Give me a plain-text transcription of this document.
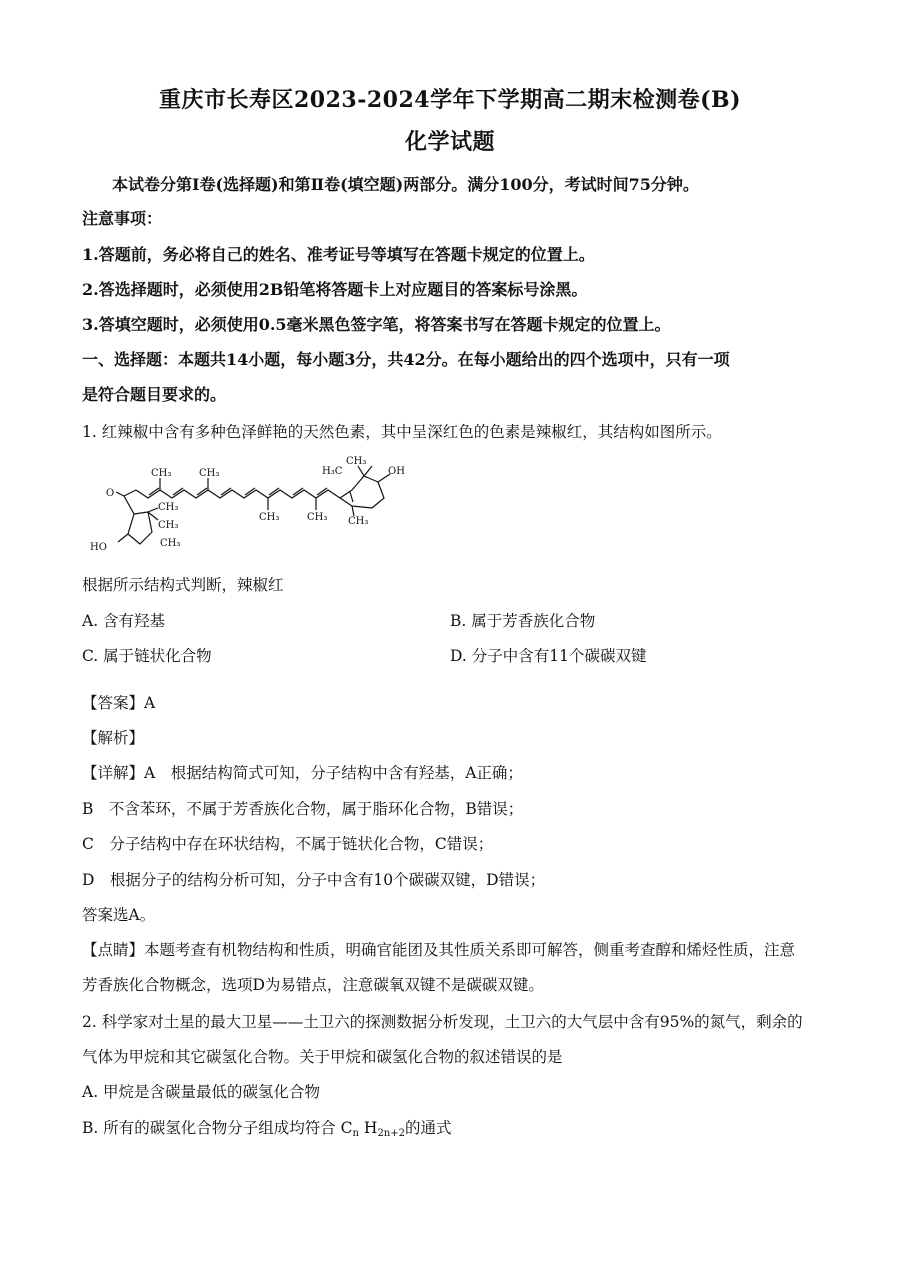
重庆市长寿区2023-2024学年下学期高二期末检测卷(B)
化学试题
本试卷分第Ⅰ卷(选择题)和第Ⅱ卷(填空题)两部分。满分100分，考试时间75分钟。
注意事项：
1.答题前，务必将自己的姓名、准考证号等填写在答题卡规定的位置上。
2.答选择题时，必须使用2B铅笔将答题卡上对应题目的答案标号涂黑。
3.答填空题时，必须使用0.5毫米黑色签字笔，将答案书写在答题卡规定的位置上。
一、选择题：本题共14小题，每小题3分，共42分。在每小题给出的四个选项中，只有一项
是符合题目要求的。
1. 红辣椒中含有多种色泽鲜艳的天然色素，其中呈深红色的色素是辣椒红，其结构如图所示。
O
CH₃	CH₃
CH₃	CH₃
CH₃
CH₃
CH₃
HO
H₃C
CH₃
OH
CH₃
根据所示结构式判断，辣椒红
A. 含有羟基	B. 属于芳香族化合物
C. 属于链状化合物	D. 分子中含有11个碳碳双键
【答案】A
【解析】
【详解】A　根据结构简式可知，分子结构中含有羟基，A正确；
B　不含苯环，不属于芳香族化合物，属于脂环化合物，B错误；
C　分子结构中存在环状结构，不属于链状化合物，C错误；
D　根据分子的结构分析可知，分子中含有10个碳碳双键，D错误；
答案选A。
【点睛】本题考查有机物结构和性质，明确官能团及其性质关系即可解答，侧重考查醇和烯烃性质，注意
芳香族化合物概念，选项D为易错点，注意碳氧双键不是碳碳双键。
2. 科学家对土星的最大卫星——土卫六的探测数据分析发现，土卫六的大气层中含有95%的氮气，剩余的
气体为甲烷和其它碳氢化合物。关于甲烷和碳氢化合物的叙述错误的是
A. 甲烷是含碳量最低的碳氢化合物
B. 所有的碳氢化合物分子组成均符合 $C_n$ $H_{2n+2}$的通式
